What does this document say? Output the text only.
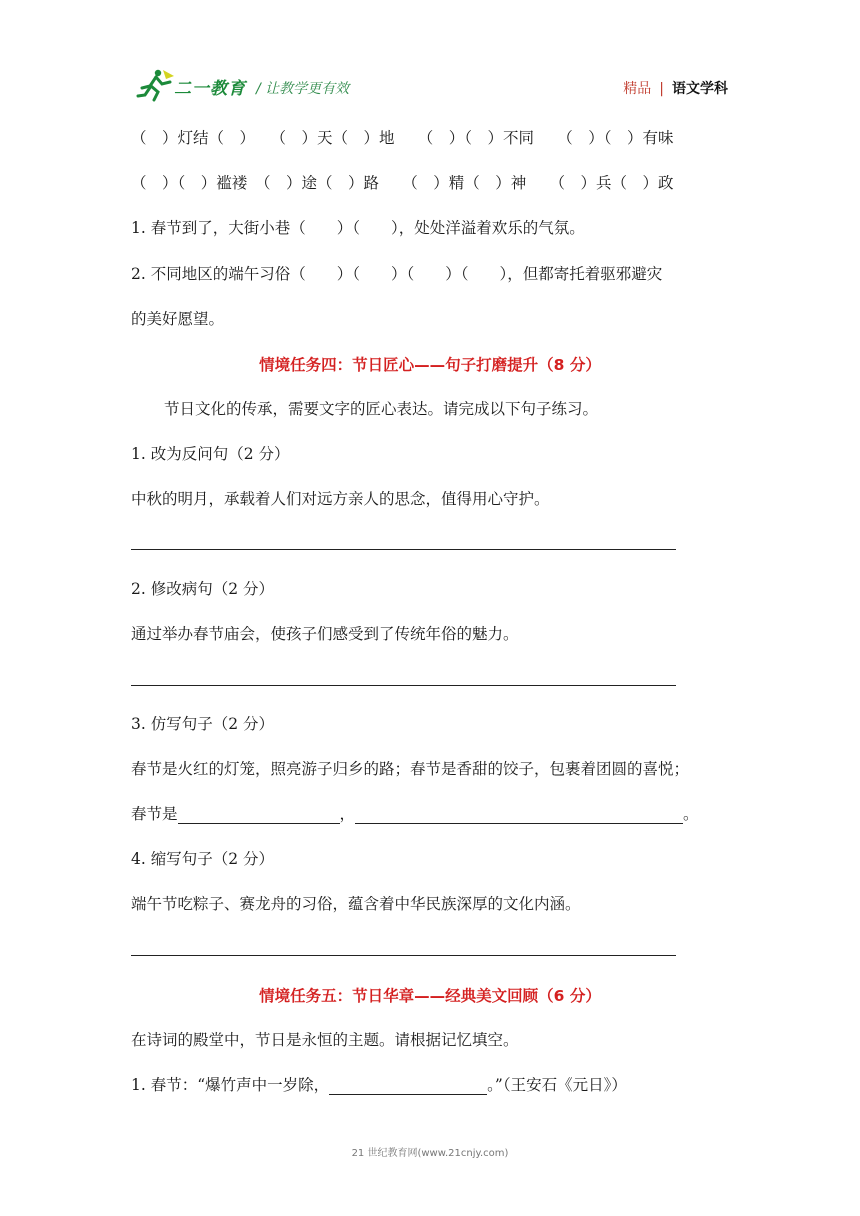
二一教育 / 让教学更有效	精品 | 语文学科
（　）灯结（　）　　（　）天（　）地　　（　）（　）不同　　（　）（　）有味
（　）（　）褴褛　（　）途（　）路　　（　）精（　）神　　（　）兵（　）政
1. 春节到了，大街小巷（　　）（　　），处处洋溢着欢乐的气氛。
2. 不同地区的端午习俗（　　）（　　）（　　）（　　），但都寄托着驱邪避灾
的美好愿望。
情境任务四：节日匠心——句子打磨提升（8 分）
节日文化的传承，需要文字的匠心表达。请完成以下句子练习。
1. 改为反问句（2 分）
中秋的明月，承载着人们对远方亲人的思念，值得用心守护。
2. 修改病句（2 分）
通过举办春节庙会，使孩子们感受到了传统年俗的魅力。
3. 仿写句子（2 分）
春节是火红的灯笼，照亮游子归乡的路；春节是香甜的饺子，包裹着团圆的喜悦；
春节是	，	。
4. 缩写句子（2 分）
端午节吃粽子、赛龙舟的习俗，蕴含着中华民族深厚的文化内涵。
情境任务五：节日华章——经典美文回顾（6 分）
在诗词的殿堂中，节日是永恒的主题。请根据记忆填空。
1. 春节：“爆竹声中一岁除，	。”（王安石《元日》）
21 世纪教育网(www.21cnjy.com)
